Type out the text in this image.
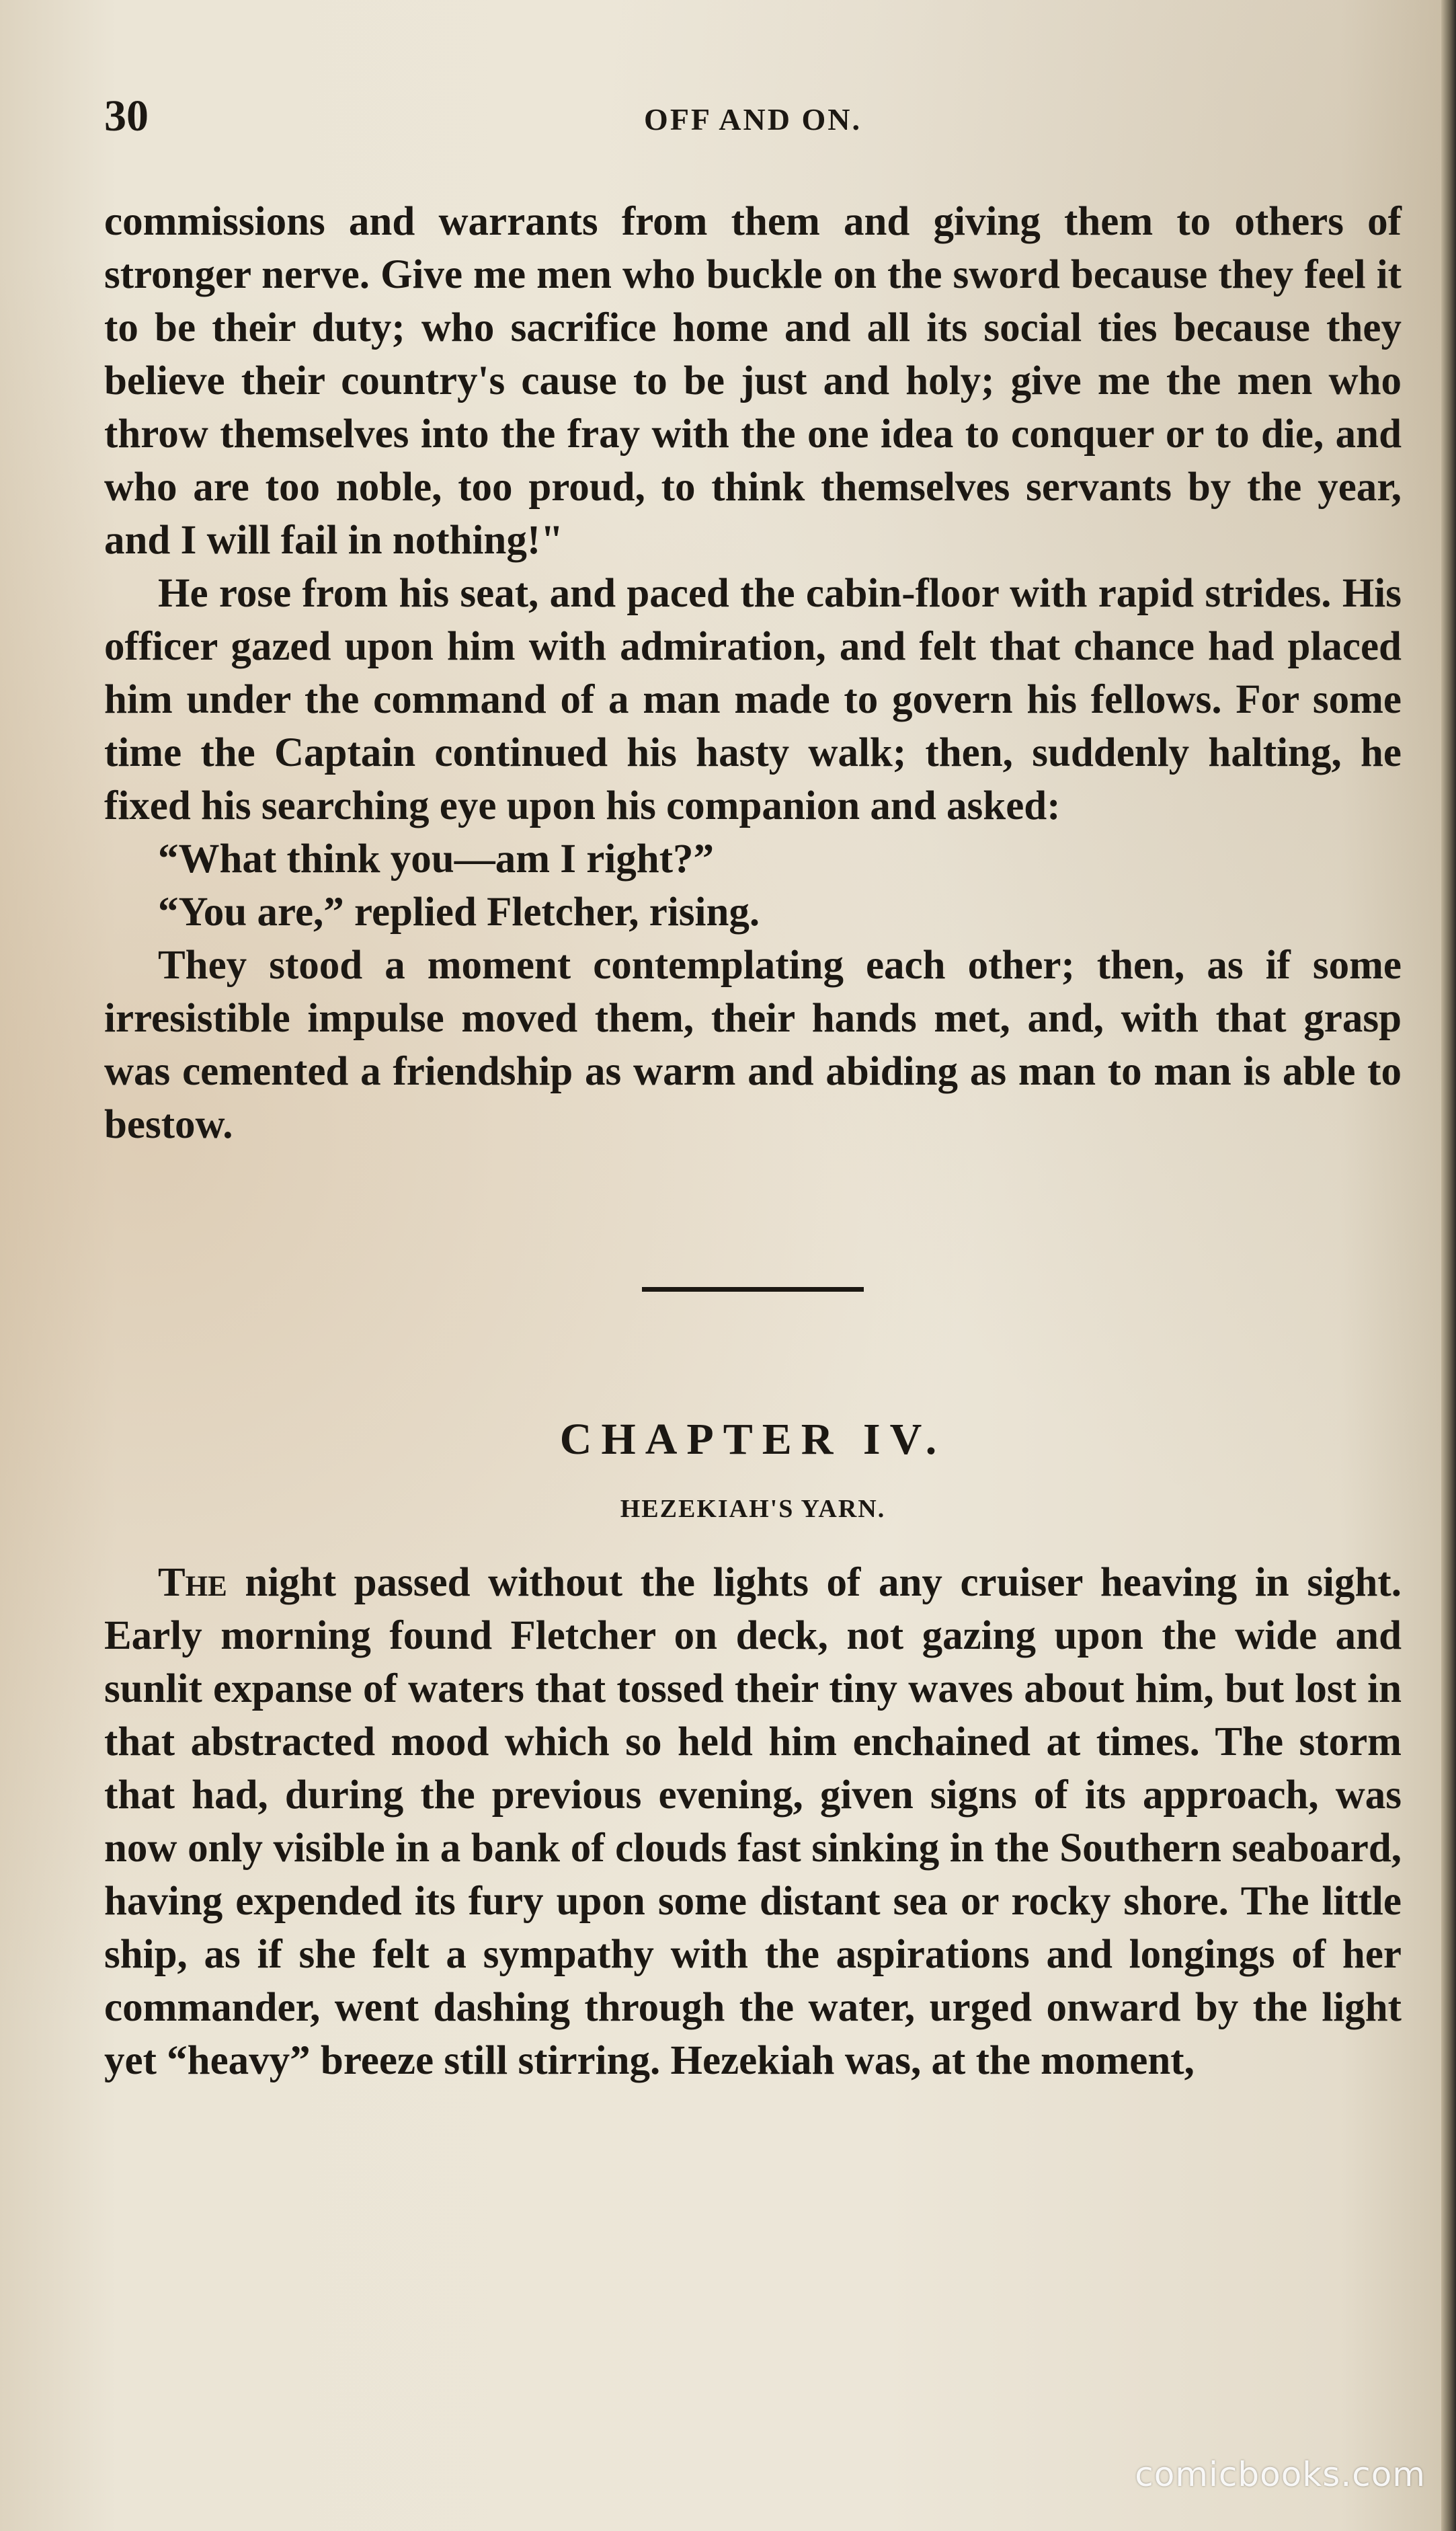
30	OFF AND ON.

commissions and warrants from them and giving them to others of stronger nerve. Give me men who buckle on the sword because they feel it to be their duty; who sacrifice home and all its social ties because they believe their country's cause to be just and holy; give me the men who throw themselves into the fray with the one idea to conquer or to die, and who are too noble, too proud, to think themselves servants by the year, and I will fail in nothing!"

He rose from his seat, and paced the cabin-floor with rapid strides. His officer gazed upon him with admiration, and felt that chance had placed him under the command of a man made to govern his fellows. For some time the Captain continued his hasty walk; then, suddenly halting, he fixed his searching eye upon his companion and asked:

“What think you—am I right?”

“You are,” replied Fletcher, rising.

They stood a moment contemplating each other; then, as if some irresistible impulse moved them, their hands met, and, with that grasp was cemented a friendship as warm and abiding as man to man is able to bestow.

CHAPTER IV.
HEZEKIAH'S YARN.

The night passed without the lights of any cruiser heaving in sight. Early morning found Fletcher on deck, not gazing upon the wide and sunlit expanse of waters that tossed their tiny waves about him, but lost in that abstracted mood which so held him enchained at times. The storm that had, during the previous evening, given signs of its approach, was now only visible in a bank of clouds fast sinking in the Southern seaboard, having expended its fury upon some distant sea or rocky shore. The little ship, as if she felt a sympathy with the aspirations and longings of her commander, went dashing through the water, urged onward by the light yet “heavy” breeze still stirring. Hezekiah was, at the moment,

comicbooks.com
